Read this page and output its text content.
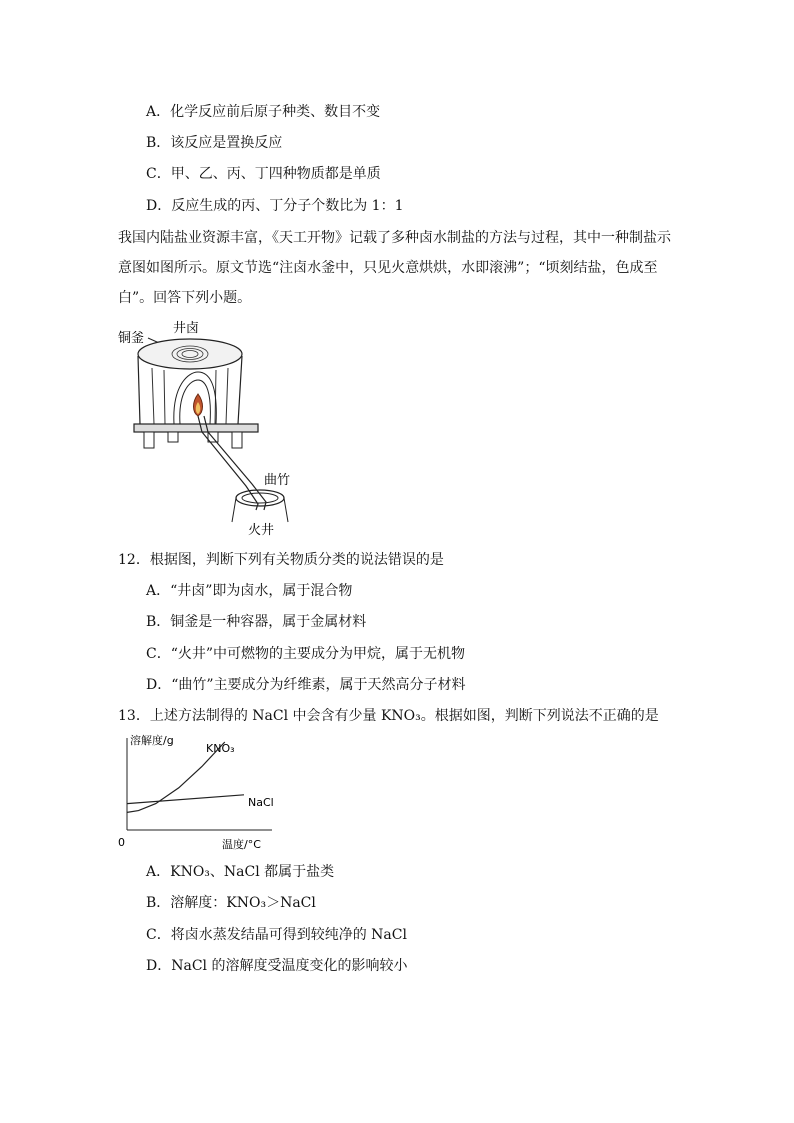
A．化学反应前后原子种类、数目不变
B．该反应是置换反应
C．甲、乙、丙、丁四种物质都是单质
D．反应生成的丙、丁分子个数比为 1：1
我国内陆盐业资源丰富，《天工开物》记载了多种卤水制盐的方法与过程，其中一种制盐示
意图如图所示。原文节选“注卤水釜中，只见火意烘烘，水即滚沸”；“顷刻结盐，色成至
白”。回答下列小题。
井卤
铜釜
曲竹
火井
12．根据图，判断下列有关物质分类的说法错误的是
A．“井卤”即为卤水，属于混合物
B．铜釜是一种容器，属于金属材料
C．“火井”中可燃物的主要成分为甲烷，属于无机物
D．“曲竹”主要成分为纤维素，属于天然高分子材料
13．上述方法制得的 NaCl 中会含有少量 KNO₃。根据如图，判断下列说法不正确的是
溶解度/g
温度/°C
0
KNO₃
NaCl
A．KNO₃、NaCl 都属于盐类
B．溶解度：KNO₃＞NaCl
C．将卤水蒸发结晶可得到较纯净的 NaCl
D．NaCl 的溶解度受温度变化的影响较小
